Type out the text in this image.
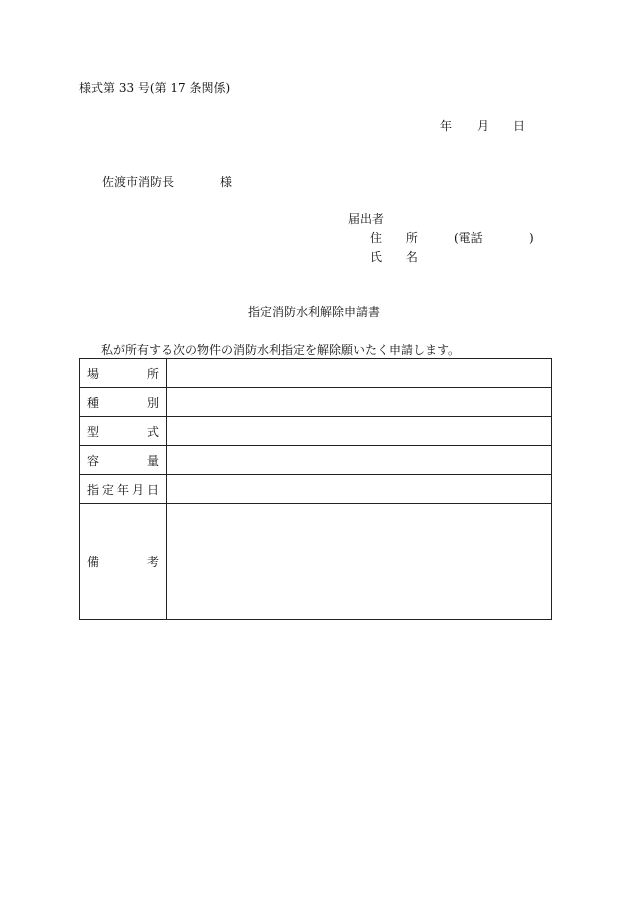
様式第 33 号(第 17 条関係)
年 月 日
佐渡市消防長	様
届出者
住 所 (電話	)
氏 名
指定消防水利解除申請書
私が所有する次の物件の消防水利指定を解除願いたく申請します。
場 所	

種 別	

型 式	

容 量	

指 定 年 月 日	

備 考	
